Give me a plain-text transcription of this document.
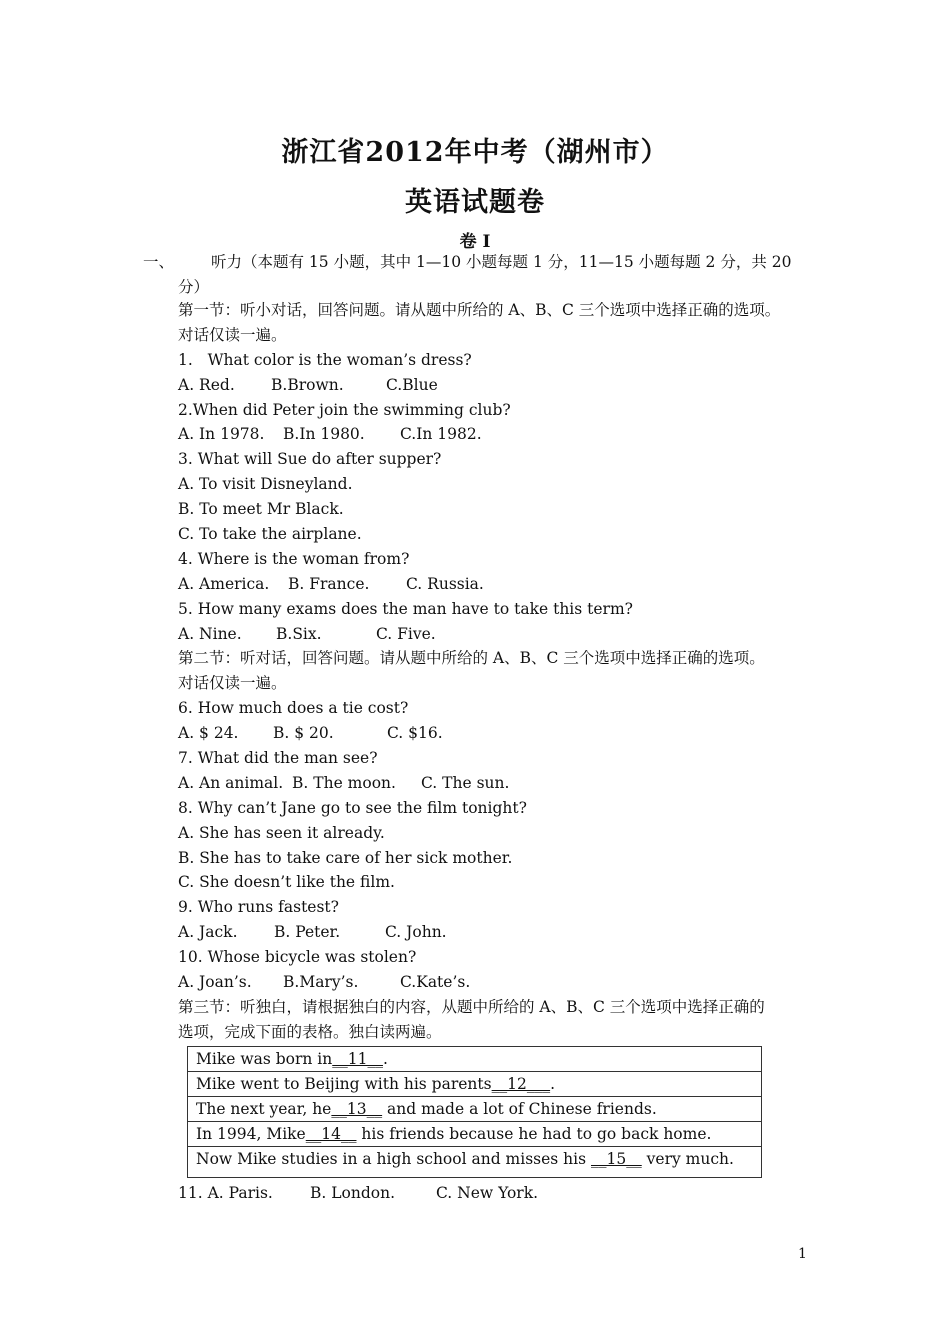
浙江省2012年中考（湖州市）
英语试题卷
卷 I
一、 听力（本题有 15 小题，其中 1—10 小题每题 1 分，11—15 小题每题 2 分，共 20
分）
第一节：听小对话，回答问题。请从题中所给的 A、B、C 三个选项中选择正确的选项。
对话仅读一遍。
1.   What color is the woman’s dress?
A. Red. B.Brown.	C.Blue
2.When did Peter join the swimming club?
A. In 1978. B.In 1980. C.In 1982.
3. What will Sue do after supper?
A. To visit Disneyland.
B. To meet Mr Black.
C. To take the airplane.
4. Where is the woman from?
A. America. B. France. C. Russia.
5. How many exams does the man have to take this term?
A. Nine. B.Six.	C. Five.
第二节：听对话，回答问题。请从题中所给的 A、B、C 三个选项中选择正确的选项。
对话仅读一遍。
6. How much does a tie cost?
A. $ 24. B. $ 20.	C. $16.
7. What did the man see?
A. An animal. B. The moon. C. The sun.
8. Why can’t Jane go to see the film tonight?
A. She has seen it already.
B. She has to take care of her sick mother.
C. She doesn’t like the film.
9. Who runs fastest?
A. Jack. B. Peter.	C. John.
10. Whose bicycle was stolen?
A. Joan’s. B.Mary’s.	C.Kate’s.
第三节：听独白，请根据独白的内容，从题中所给的 A、B、C 三个选项中选择正确的
选项，完成下面的表格。独白读两遍。
Mike was born in__11__.
Mike went to Beijing with his parents__12___.
The next year, he__13__ and made a lot of Chinese friends.
In 1994, Mike__14__ his friends because he had to go back home.
Now Mike studies in a high school and misses his __15__ very much.
11. A. Paris. B. London.	C. New York.
1
